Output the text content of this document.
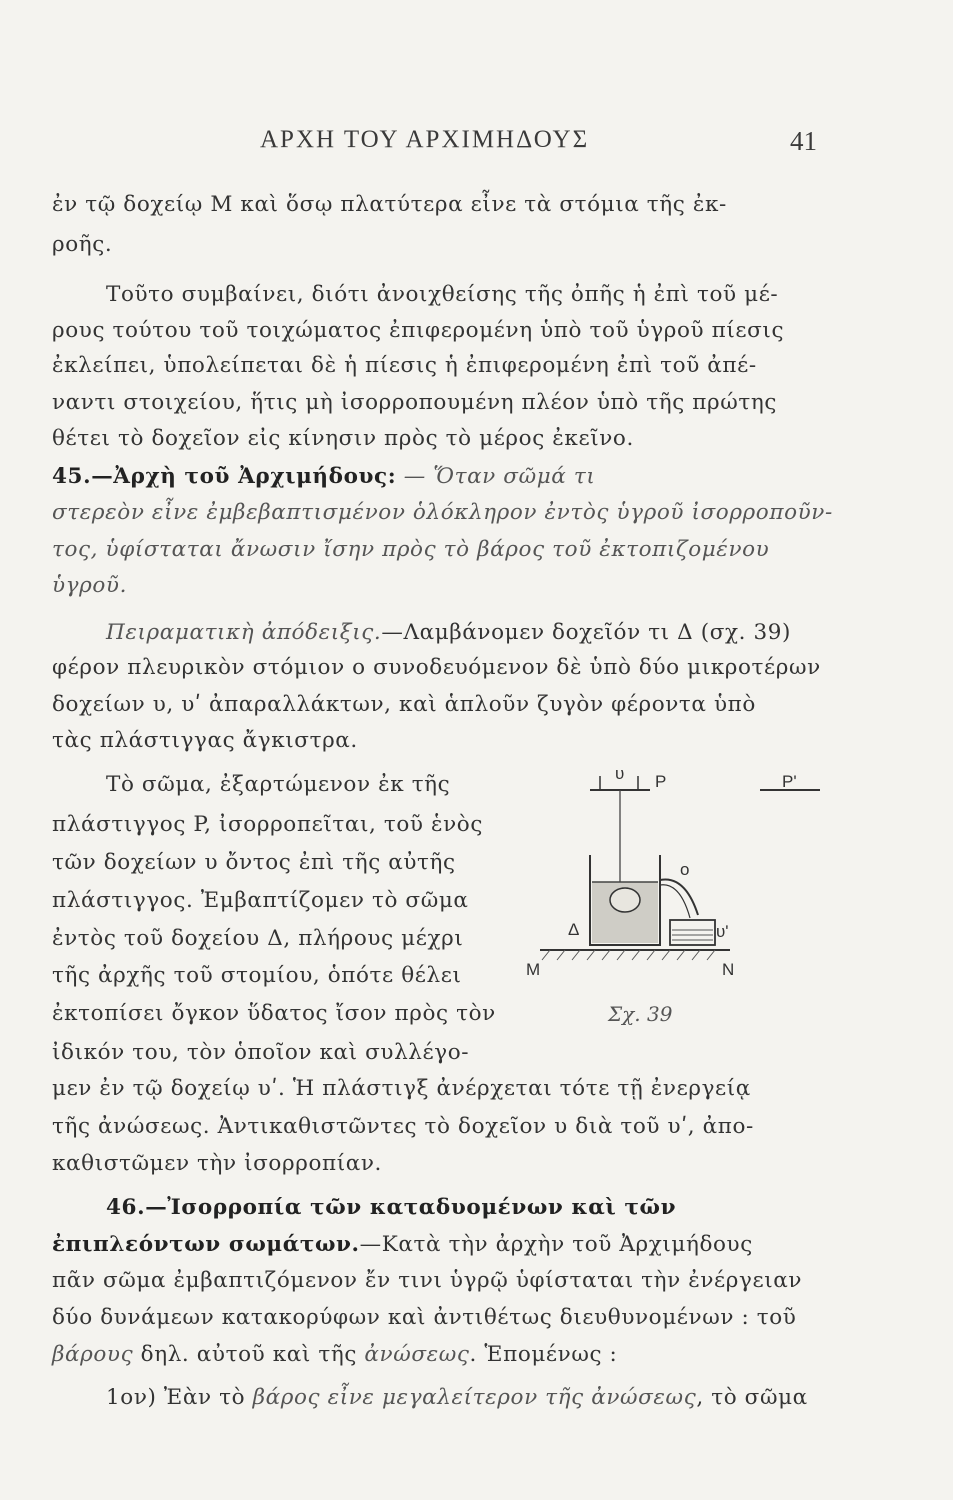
ΑΡΧΗ ΤΟΥ ΑΡΧΙΜΗΔΟΥΣ	41
ἐν τῷ δοχείῳ Μ καὶ ὅσῳ πλατύτερα εἶνε τὰ στόμια τῆς ἐκ-
ροῆς.
Τοῦτο συμβαίνει, διότι ἀνοιχθείσης τῆς ὀπῆς ἡ ἐπὶ τοῦ μέ-
ρους τούτου τοῦ τοιχώματος ἐπιφερομένη ὑπὸ τοῦ ὑγροῦ πίεσις
ἐκλείπει, ὑπολείπεται δὲ ἡ πίεσις ἡ ἐπιφερομένη ἐπὶ τοῦ ἀπέ-
ναντι στοιχείου, ἥτις μὴ ἰσορροπουμένη πλέον ὑπὸ τῆς πρώτης
θέτει τὸ δοχεῖον εἰς κίνησιν πρὸς τὸ μέρος ἐκεῖνο.
45.—Ἀρχὴ τοῦ Ἀρχιμήδους: — Ὅταν σῶμά τι
στερεὸν εἶνε ἐμβεβαπτισμένον ὁλόκληρον ἐντὸς ὑγροῦ ἰσορροποῦν-
τος, ὑφίσταται ἄνωσιν ἴσην πρὸς τὸ βάρος τοῦ ἐκτοπιζομένου
ὑγροῦ.
Πειραματικὴ ἀπόδειξις.—Λαμβάνομεν δοχεῖόν τι Δ (σχ. 39)
φέρον πλευρικὸν στόμιον ο συνοδευόμενον δὲ ὑπὸ δύο μικροτέρων
δοχείων υ, υʹ ἀπαραλλάκτων, καὶ ἁπλοῦν ζυγὸν φέροντα ὑπὸ
τὰς πλάστιγγας ἄγκιστρα.
Τὸ σῶμα, ἐξαρτώμενον ἐκ τῆς
πλάστιγγος P, ἰσορροπεῖται, τοῦ ἑνὸς
τῶν δοχείων υ ὄντος ἐπὶ τῆς αὐτῆς
πλάστιγγος. Ἐμβαπτίζομεν τὸ σῶμα
ἐντὸς τοῦ δοχείου Δ, πλήρους μέχρι
τῆς ἀρχῆς τοῦ στομίου, ὁπότε θέλει
ἐκτοπίσει ὄγκον ὕδατος ἴσον πρὸς τὸν
ἰδικόν του, τὸν ὁποῖον καὶ συλλέγο-
μεν ἐν τῷ δοχείῳ υʹ. Ἡ πλάστιγξ ἀνέρχεται τότε τῇ ἐνεργείᾳ
τῆς ἀνώσεως. Ἀντικαθιστῶντες τὸ δοχεῖον υ διὰ τοῦ υʹ, ἀπο-
καθιστῶμεν τὴν ἰσορροπίαν.
46.—Ἰσορροπία τῶν καταδυομένων καὶ τῶν
ἐπιπλεόντων σωμάτων.—Κατὰ τὴν ἀρχὴν τοῦ Ἀρχιμήδους
πᾶν σῶμα ἐμβαπτιζόμενον ἔν τινι ὑγρῷ ὑφίσταται τὴν ἐνέργειαν
δύο δυνάμεων κατακορύφων καὶ ἀντιθέτως διευθυνομένων : τοῦ
βάρους δηλ. αὐτοῦ καὶ τῆς ἀνώσεως. Ἑπομένως :
1ον) Ἐὰν τὸ βάρος εἶνε μεγαλείτερον τῆς ἀνώσεως, τὸ σῶμα
υ P	P'
o
Δ	υʹ
M	N
Σχ. 39
